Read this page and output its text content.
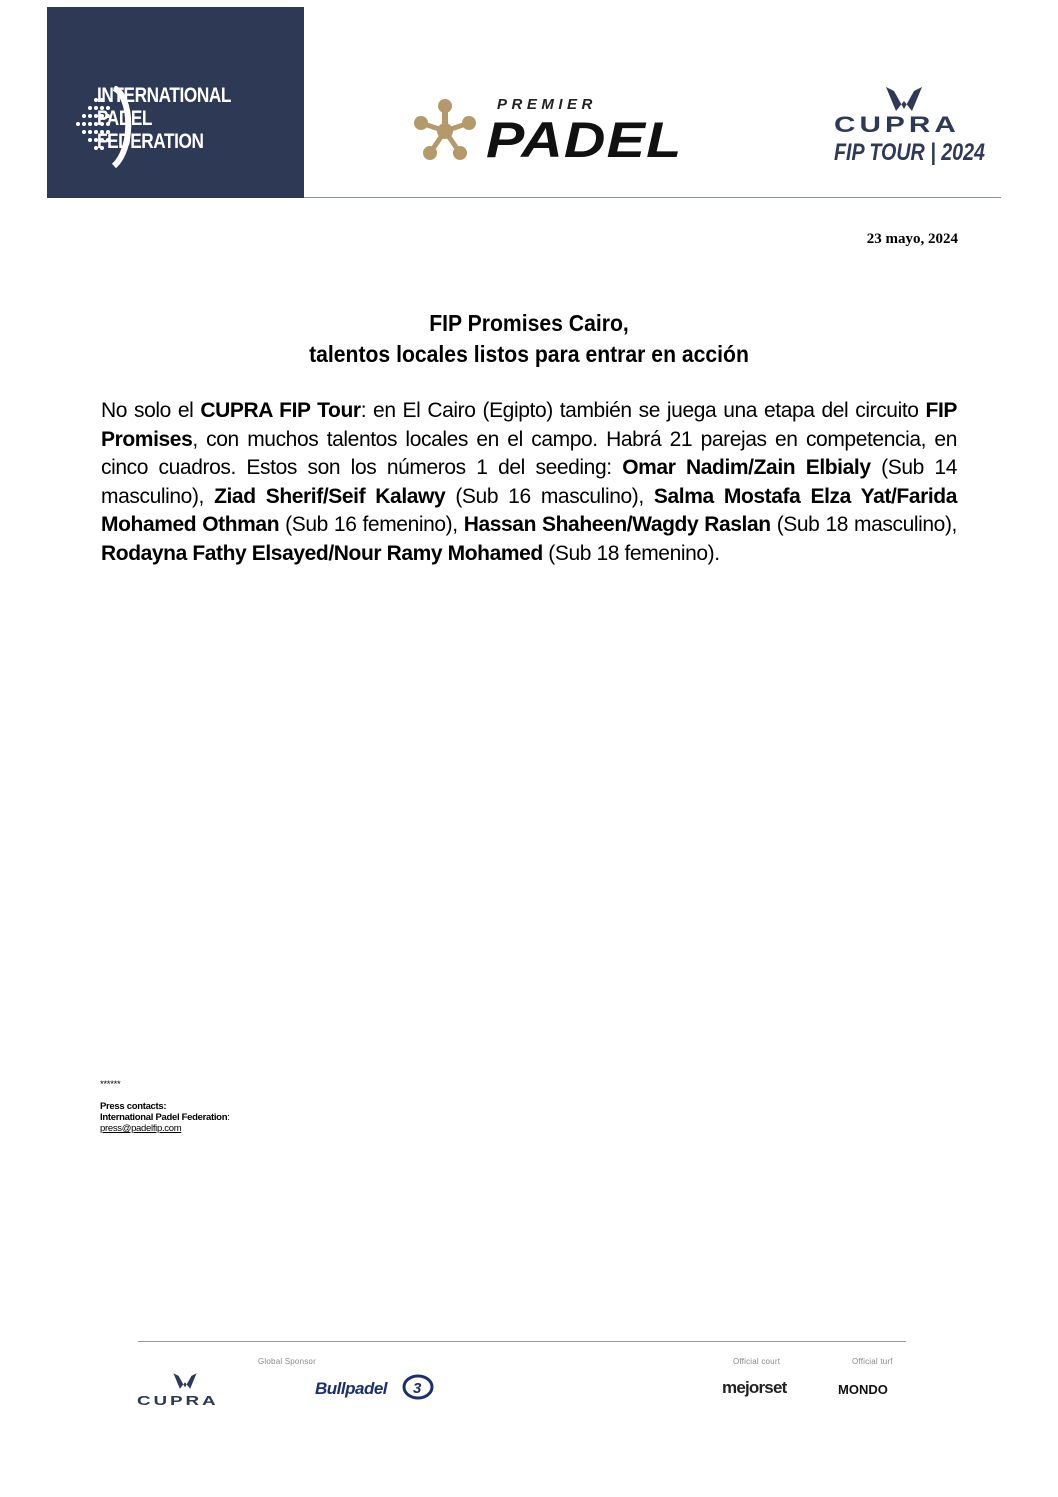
INTERNATIONAL
PADEL
FEDERATION
PREMIER
PADEL	CUPRA
FIP TOUR | 2024
23 mayo, 2024
FIP Promises Cairo,
talentos locales listos para entrar en acción
No solo el CUPRA FIP Tour: en El Cairo (Egipto) también se juega una etapa del circuito FIP Promises, con muchos talentos locales en el campo. Habrá 21 parejas en competencia, en cinco cuadros. Estos son los números 1 del seeding: Omar Nadim/Zain Elbialy (Sub 14 masculino), Ziad Sherif/Seif Kalawy (Sub 16 masculino), Salma Mostafa Elza Yat/Farida Mohamed Othman (Sub 16 femenino), Hassan Shaheen/Wagdy Raslan (Sub 18 masculino), Rodayna Fathy Elsayed/Nour Ramy Mohamed (Sub 18 femenino).
******
Press contacts:
International Padel Federation:
press@padelfip.com
CUPRA
Global Sponsor
Bullpadel 3
Official court
mejorset
Official turf
MONDO
